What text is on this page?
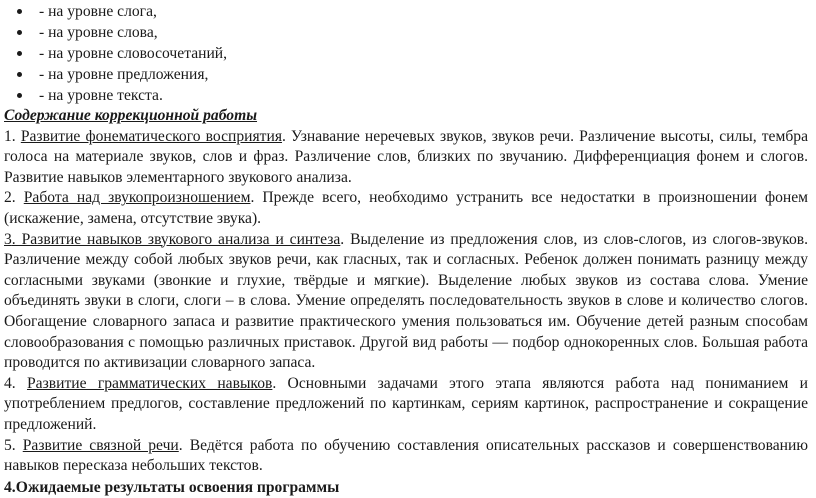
- на уровне слога,
- на уровне слова,
- на уровне словосочетаний,
- на уровне предложения,
- на уровне текста.
Содержание коррекционной работы

1. Развитие фонематического восприятия. Узнавание неречевых звуков, звуков речи. Различение высоты, силы, тембра голоса на материале звуков, слов и фраз. Различение слов, близких по звучанию. Дифференциация фонем и слогов. Развитие навыков элементарного звукового анализа.

2. Работа над звукопроизношением. Прежде всего, необходимо устранить все недостатки в произношении фонем (искажение, замена, отсутствие звука).

3. Развитие навыков звукового анализа и синтеза. Выделение из предложения слов, из слов-слогов, из слогов-звуков. Различение между собой любых звуков речи, как гласных, так и согласных. Ребенок должен понимать разницу между согласными звуками (звонкие и глухие, твёрдые и мягкие). Выделение любых звуков из состава слова. Умение объединять звуки в слоги, слоги – в слова. Умение определять последовательность звуков в слове и количество слогов. Обогащение словарного запаса и развитие практического умения пользоваться им. Обучение детей разным способам словообразования с помощью различных приставок. Другой вид работы — подбор однокоренных слов. Большая работа проводится по активизации словарного запаса.

4. Развитие грамматических навыков. Основными задачами этого этапа являются работа над пониманием и употреблением предлогов, составление предложений по картинкам, сериям картинок, распространение и сокращение предложений.

5. Развитие связной речи. Ведётся работа по обучению составления описательных рассказов и совершенствованию навыков пересказа небольших текстов.

4.Ожидаемые результаты освоения программы
